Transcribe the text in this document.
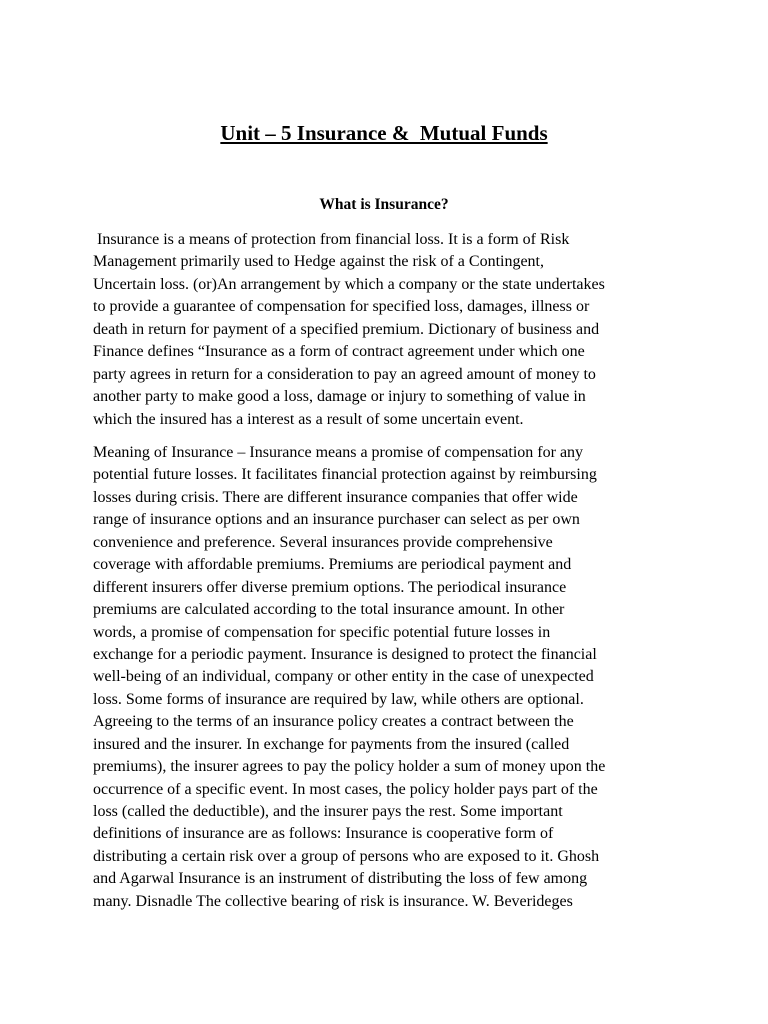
Unit – 5 Insurance &  Mutual Funds
What is Insurance?
Insurance is a means of protection from financial loss. It is a form of Risk
Management primarily used to Hedge against the risk of a Contingent,
Uncertain loss. (or)An arrangement by which a company or the state undertakes
to provide a guarantee of compensation for specified loss, damages, illness or
death in return for payment of a specified premium. Dictionary of business and
Finance defines “Insurance as a form of contract agreement under which one
party agrees in return for a consideration to pay an agreed amount of money to
another party to make good a loss, damage or injury to something of value in
which the insured has a interest as a result of some uncertain event.
Meaning of Insurance – Insurance means a promise of compensation for any
potential future losses. It facilitates financial protection against by reimbursing
losses during crisis. There are different insurance companies that offer wide
range of insurance options and an insurance purchaser can select as per own
convenience and preference. Several insurances provide comprehensive
coverage with affordable premiums. Premiums are periodical payment and
different insurers offer diverse premium options. The periodical insurance
premiums are calculated according to the total insurance amount. In other
words, a promise of compensation for specific potential future losses in
exchange for a periodic payment. Insurance is designed to protect the financial
well-being of an individual, company or other entity in the case of unexpected
loss. Some forms of insurance are required by law, while others are optional.
Agreeing to the terms of an insurance policy creates a contract between the
insured and the insurer. In exchange for payments from the insured (called
premiums), the insurer agrees to pay the policy holder a sum of money upon the
occurrence of a specific event. In most cases, the policy holder pays part of the
loss (called the deductible), and the insurer pays the rest. Some important
definitions of insurance are as follows: Insurance is cooperative form of
distributing a certain risk over a group of persons who are exposed to it. Ghosh
and Agarwal Insurance is an instrument of distributing the loss of few among
many. Disnadle The collective bearing of risk is insurance. W. Beverideges
